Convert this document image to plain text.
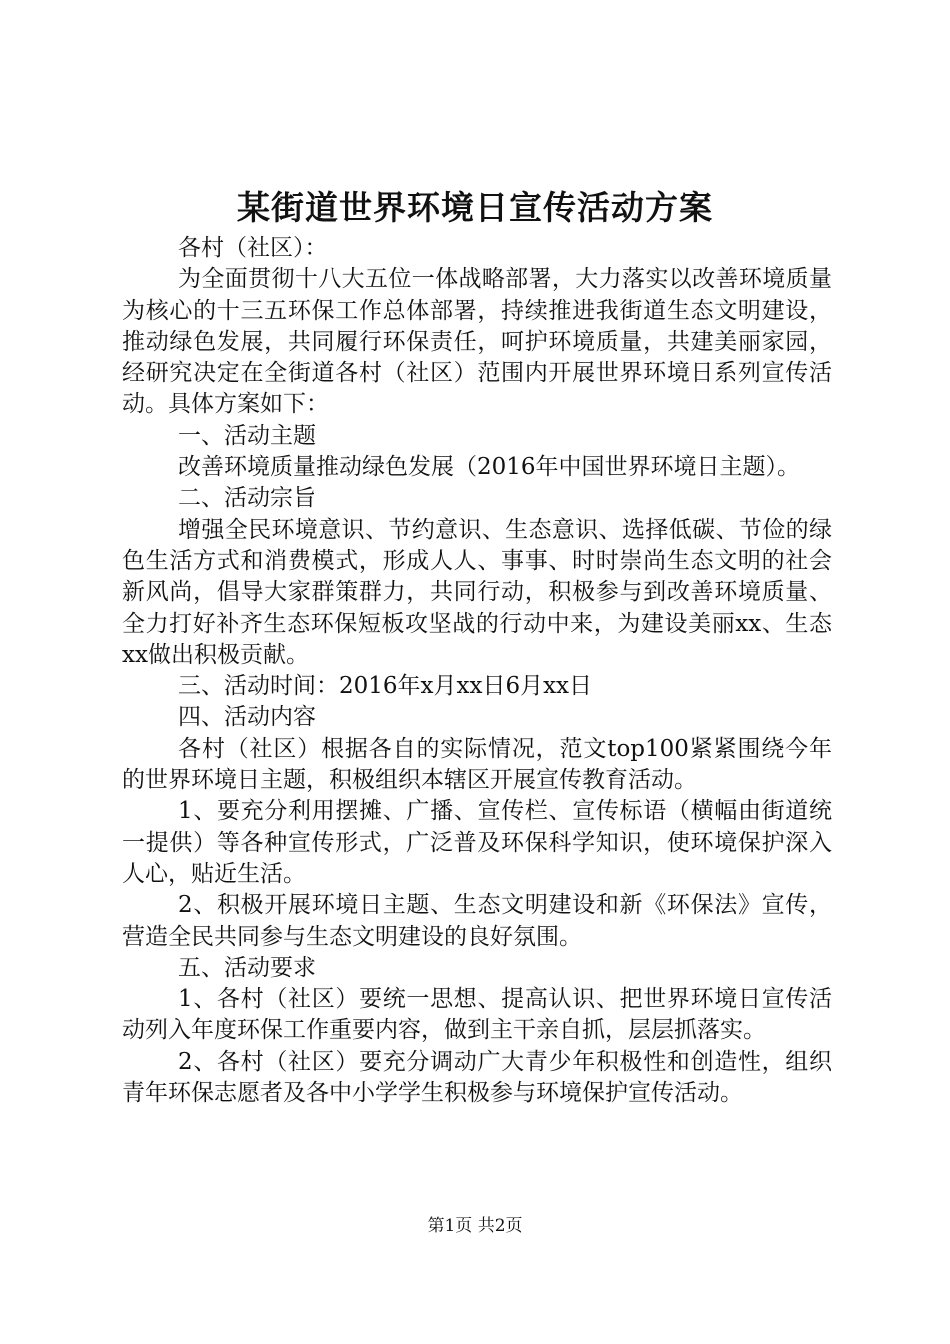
某街道世界环境日宣传活动方案

各村（社区）：

为全面贯彻十八大五位一体战略部署，大力落实以改善环境质量为核心的十三五环保工作总体部署，持续推进我街道生态文明建设，推动绿色发展，共同履行环保责任，呵护环境质量，共建美丽家园，经研究决定在全街道各村（社区）范围内开展世界环境日系列宣传活动。具体方案如下：

一、活动主题

改善环境质量推动绿色发展（2016年中国世界环境日主题）。

二、活动宗旨

增强全民环境意识、节约意识、生态意识、选择低碳、节俭的绿色生活方式和消费模式，形成人人、事事、时时崇尚生态文明的社会新风尚，倡导大家群策群力，共同行动，积极参与到改善环境质量、全力打好补齐生态环保短板攻坚战的行动中来，为建设美丽xx、生态xx做出积极贡献。

三、活动时间：2016年x月xx日6月xx日

四、活动内容

各村（社区）根据各自的实际情况，范文top100紧紧围绕今年的世界环境日主题，积极组织本辖区开展宣传教育活动。

1、要充分利用摆摊、广播、宣传栏、宣传标语（横幅由街道统一提供）等各种宣传形式，广泛普及环保科学知识，使环境保护深入人心，贴近生活。

2、积极开展环境日主题、生态文明建设和新《环保法》宣传，营造全民共同参与生态文明建设的良好氛围。

五、活动要求

1、各村（社区）要统一思想、提高认识、把世界环境日宣传活动列入年度环保工作重要内容，做到主干亲自抓，层层抓落实。

2、各村（社区）要充分调动广大青少年积极性和创造性，组织青年环保志愿者及各中小学学生积极参与环境保护宣传活动。

第1页 共2页
